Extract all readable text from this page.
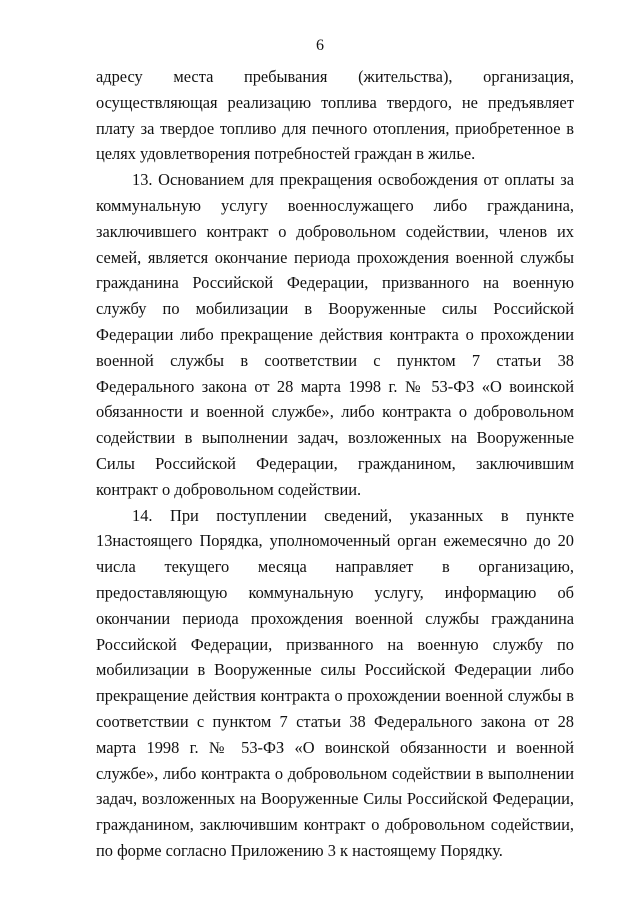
6

адресу места пребывания (жительства), организация, осуществляющая реализацию топлива твердого, не предъявляет плату за твердое топливо для печного отопления, приобретенное в целях удовлетворения потребностей граждан в жилье.

13. Основанием для прекращения освобождения от оплаты за коммунальную услугу военнослужащего либо гражданина, заключившего контракт о добровольном содействии, членов их семей, является окончание периода прохождения военной службы гражданина Российской Федерации, призванного на военную службу по мобилизации в Вооруженные силы Российской Федерации либо прекращение действия контракта о прохождении военной службы в соответствии с пунктом 7 статьи 38 Федерального закона от 28 марта 1998 г. № 53-ФЗ «О воинской обязанности и военной службе», либо контракта о добровольном содействии в выполнении задач, возложенных на Вооруженные Силы Российской Федерации, гражданином, заключившим контракт о добровольном содействии.

14. При поступлении сведений, указанных в пункте 13настоящего Порядка, уполномоченный орган ежемесячно до 20 числа текущего месяца направляет в организацию, предоставляющую коммунальную услугу, информацию об окончании периода прохождения военной службы гражданина Российской Федерации, призванного на военную службу по мобилизации в Вооруженные силы Российской Федерации либо прекращение действия контракта о прохождении военной службы в соответствии с пунктом 7 статьи 38 Федерального закона от 28 марта 1998 г. № 53-ФЗ «О воинской обязанности и военной службе», либо контракта о добровольном содействии в выполнении задач, возложенных на Вооруженные Силы Российской Федерации, гражданином, заключившим контракт о добровольном содействии, по форме согласно Приложению 3 к настоящему Порядку.
